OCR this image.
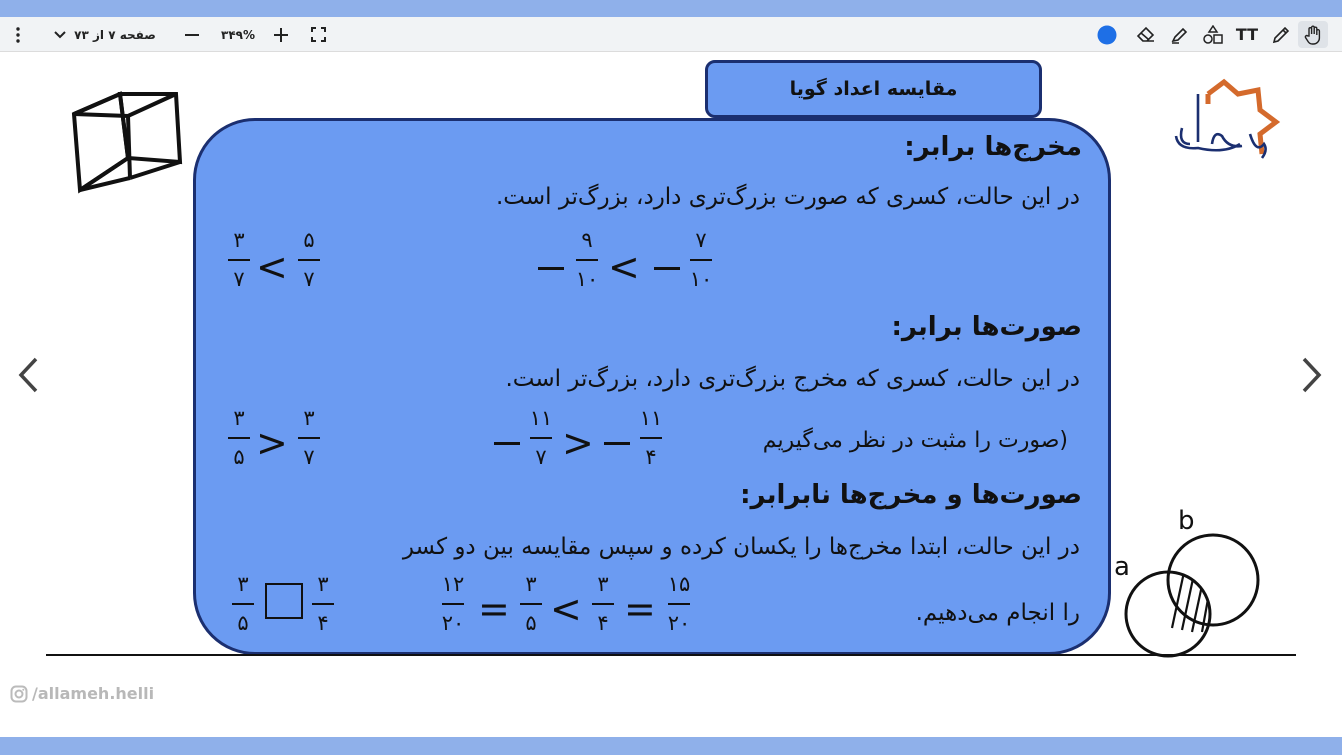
صفحه ۷ از ۷۳	۳۴۹%	TT
مقایسه اعداد گویا
مخرج‌ها برابر:
در این حالت، کسری که صورت بزرگ‌تری دارد، بزرگ‌تر است.
۳
۷ <
۵
۷
۹
۱۰ <
۷
۱۰
صورت‌ها برابر:
در این حالت، کسری که مخرج بزرگ‌تری دارد، بزرگ‌تر است.
۳
۵ >
۳
۷
۱۱
۷ >
۱۱
۴
(صورت را مثبت در نظر می‌گیریم
صورت‌ها و مخرج‌ها نابرابر:
در این حالت، ابتدا مخرج‌ها را یکسان کرده و سپس مقایسه بین دو کسر
را انجام می‌دهیم.
۳
۵
۳
۴
۱۲
۲۰ =
۳
۵ <
۳
۴ =
۱۵
۲۰
a
b
/allameh.helli
